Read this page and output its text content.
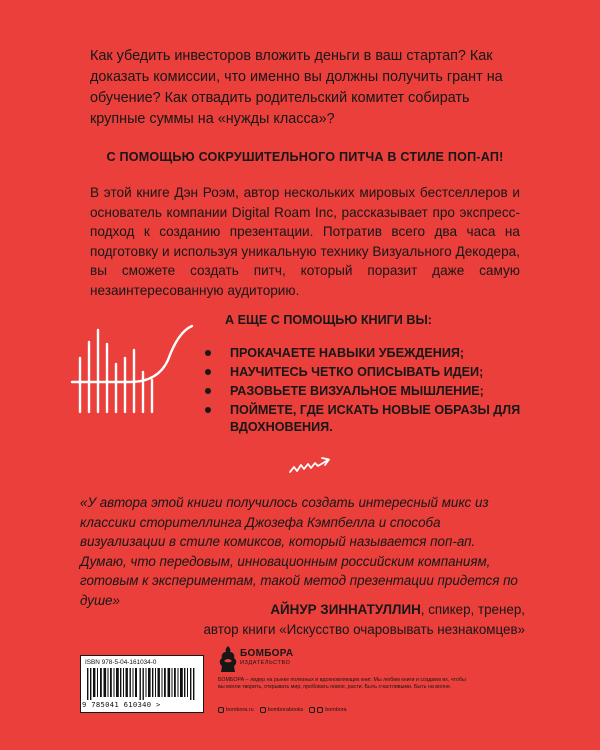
Как убедить инвесторов вложить деньги в ваш стартап? Как доказать комиссии, что именно вы должны получить грант на обучение? Как отвадить родительский комитет собирать крупные суммы на «нужды класса»?

С ПОМОЩЬЮ СОКРУШИТЕЛЬНОГО ПИТЧА В СТИЛЕ ПОП-АП!

В этой книге Дэн Роэм, автор нескольких мировых бестселлеров и основатель компании Digital Roam Inc, рассказывает про экспресс-подход к созданию презентации. Потратив всего два часа на подготовку и используя уникальную технику Визуального Декодера, вы сможете создать питч, который поразит даже самую незаинтересованную аудиторию.

А ЕЩЕ С ПОМОЩЬЮ КНИГИ ВЫ:

ПРОКАЧАЕТЕ НАВЫКИ УБЕЖДЕНИЯ;
НАУЧИТЕСЬ ЧЕТКО ОПИСЫВАТЬ ИДЕИ;
РАЗОВЬЕТЕ ВИЗУАЛЬНОЕ МЫШЛЕНИЕ;
ПОЙМЕТЕ, ГДЕ ИСКАТЬ НОВЫЕ ОБРАЗЫ ДЛЯ ВДОХНОВЕНИЯ.

«У автора этой книги получилось создать интересный микс из классики сторителлинга Джозефа Кэмпбелла и способа визуализации в стиле комиксов, который называется поп-ап. Думаю, что передовым, инновационным российским компаниям, готовым к экспериментам, такой метод презентации придется по душе»

АЙНУР ЗИННАТУЛЛИН, спикер, тренер,
автор книги «Искусство очаровывать незнакомцев»
ISBN 978-5-04-161034-0
9 785041 610340 >
БОМБОРА
ИЗДАТЕЛЬСТВО

БОМБОРА – лидер на рынке полезных и вдохновляющих книг. Мы любим книги и создаем их, чтобы вы могли творить, открывать мир, пробовать новое, расти. Быть счастливыми. Быть на волне.

bombora.ru	bomborabooks	bombora
